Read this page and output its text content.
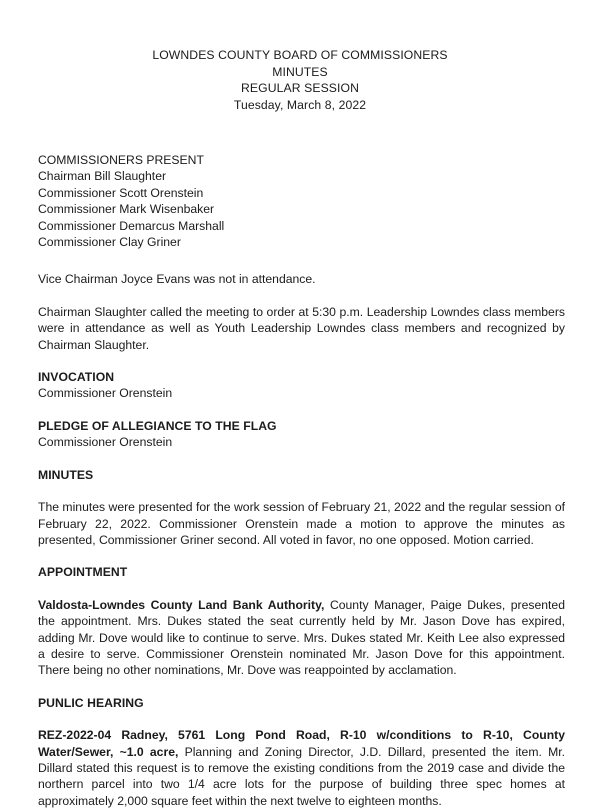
LOWNDES COUNTY BOARD OF COMMISSIONERS
MINUTES
REGULAR SESSION
Tuesday, March 8, 2022
COMMISSIONERS PRESENT
Chairman Bill Slaughter
Commissioner Scott Orenstein
Commissioner Mark Wisenbaker
Commissioner Demarcus Marshall
Commissioner Clay Griner

Vice Chairman Joyce Evans was not in attendance.

Chairman Slaughter called the meeting to order at 5:30 p.m. Leadership Lowndes class members were in attendance as well as Youth Leadership Lowndes class members and recognized by Chairman Slaughter.

INVOCATION

Commissioner Orenstein

PLEDGE OF ALLEGIANCE TO THE FLAG

Commissioner Orenstein

MINUTES

The minutes were presented for the work session of February 21, 2022 and the regular session of February 22, 2022. Commissioner Orenstein made a motion to approve the minutes as presented, Commissioner Griner second. All voted in favor, no one opposed. Motion carried.

APPOINTMENT

Valdosta-Lowndes County Land Bank Authority, County Manager, Paige Dukes, presented the appointment. Mrs. Dukes stated the seat currently held by Mr. Jason Dove has expired, adding Mr. Dove would like to continue to serve. Mrs. Dukes stated Mr. Keith Lee also expressed a desire to serve. Commissioner Orenstein nominated Mr. Jason Dove for this appointment. There being no other nominations, Mr. Dove was reappointed by acclamation.

PUNLIC HEARING

REZ-2022-04 Radney, 5761 Long Pond Road, R-10 w/conditions to R-10, County Water/Sewer, ~1.0 acre, Planning and Zoning Director, J.D. Dillard, presented the item. Mr. Dillard stated this request is to remove the existing conditions from the 2019 case and divide the northern parcel into two 1/4 acre lots for the purpose of building three spec homes at approximately 2,000 square feet within the next twelve to eighteen months.
